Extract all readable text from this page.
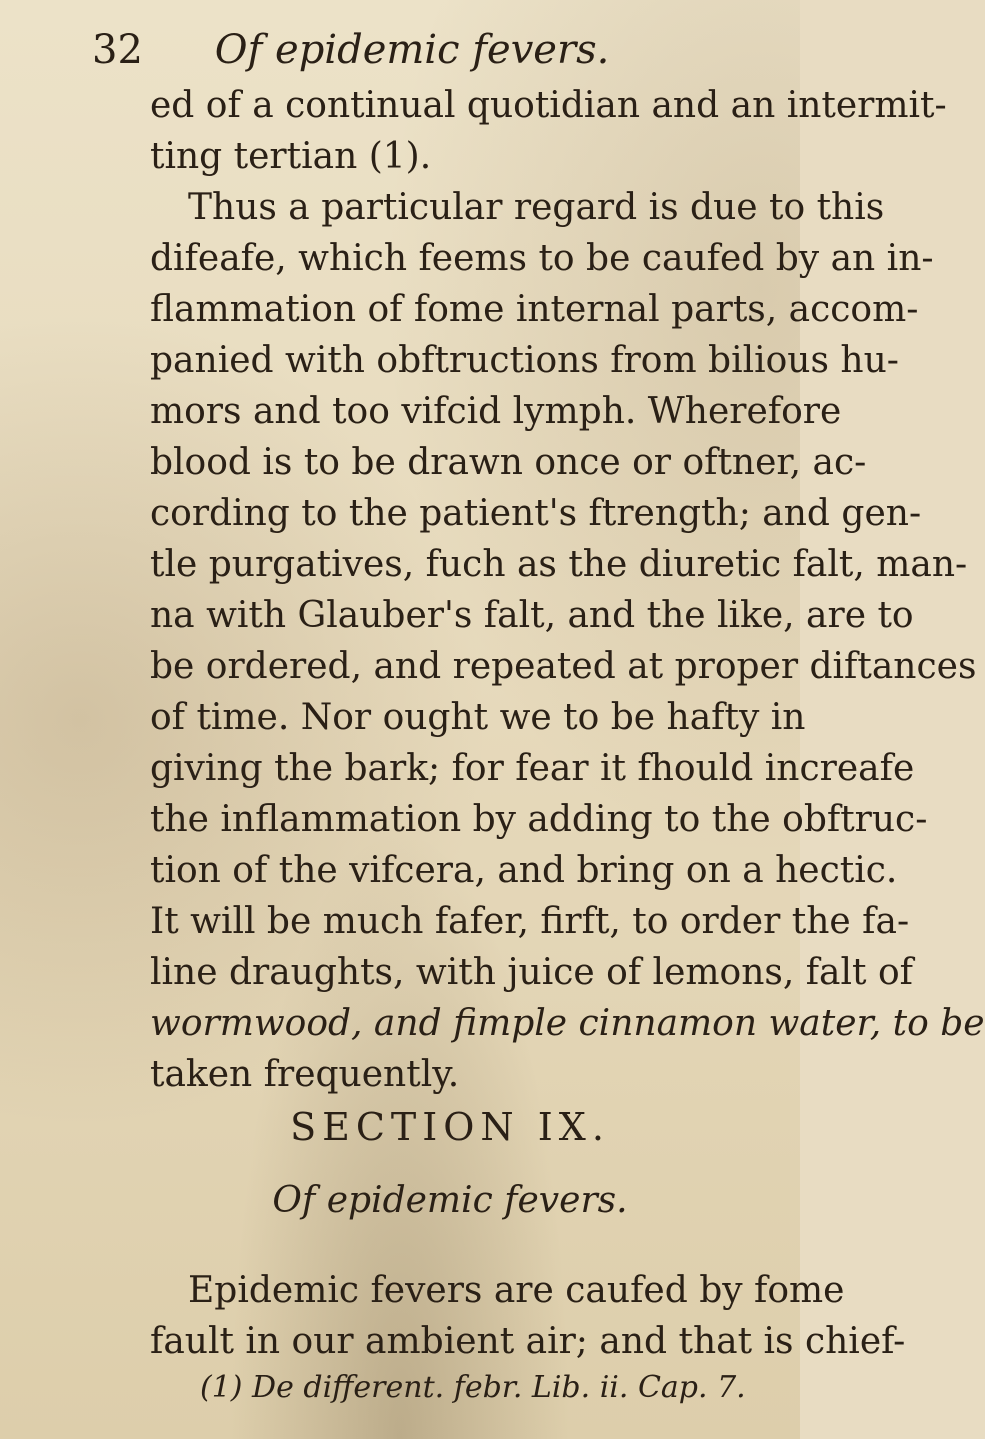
32 Of epidemic fevers.
ed of a continual quotidian and an intermit-
ting tertian (1).
Thus a particular regard is due to this
difeafe, which feems to be caufed by an in-
flammation of fome internal parts, accom-
panied with obftructions from bilious hu-
mors and too vifcid lymph. Wherefore
blood is to be drawn once or oftner, ac-
cording to the patient's ftrength; and gen-
tle purgatives, fuch as the diuretic falt, man-
na with Glauber's falt, and the like, are to
be ordered, and repeated at proper diftances
of time. Nor ought we to be hafty in
giving the bark; for fear it fhould increafe
the inflammation by adding to the obftruc-
tion of the vifcera, and bring on a hectic.
It will be much fafer, firft, to order the fa-
line draughts, with juice of lemons, falt of
wormwood, and fimple cinnamon water, to be
taken frequently.
SECTION IX.
Of epidemic fevers.
Epidemic fevers are caufed by fome
fault in our ambient air; and that is chief-
(1) De different. febr. Lib. ii. Cap. 7.
